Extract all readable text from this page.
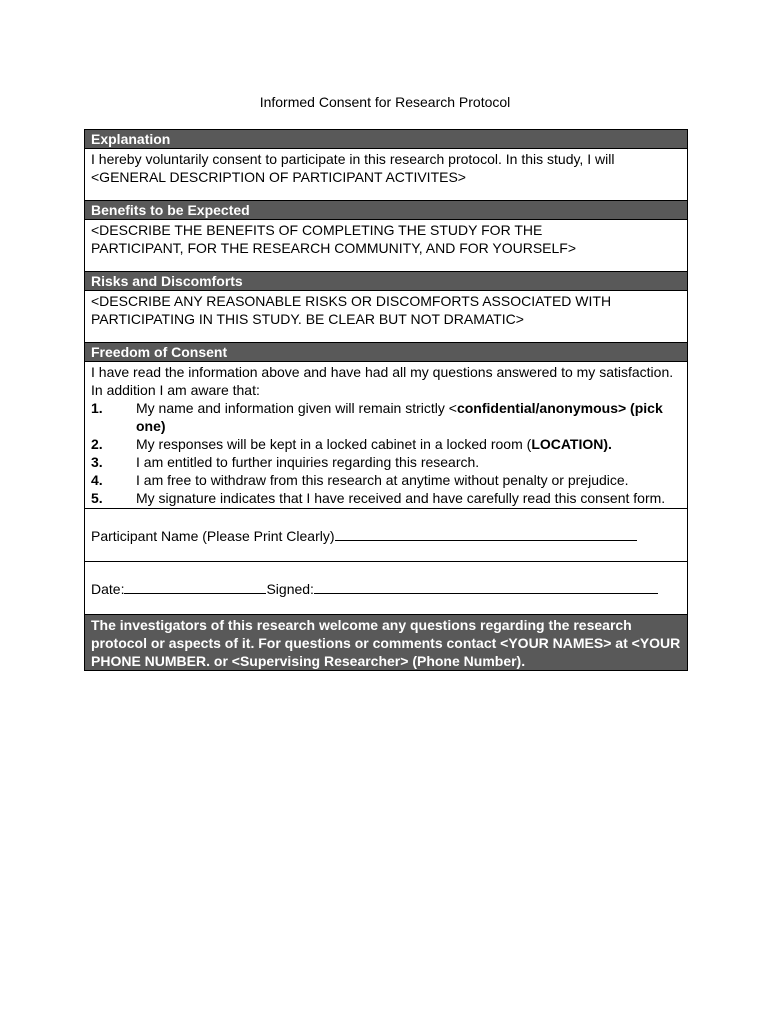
Informed Consent for Research Protocol
Explanation
I hereby voluntarily consent to participate in this research protocol. In this study, I will
<GENERAL DESCRIPTION OF PARTICIPANT ACTIVITES>
Benefits to be Expected
<DESCRIBE THE BENEFITS OF COMPLETING THE STUDY FOR THE
PARTICIPANT, FOR THE RESEARCH COMMUNITY, AND FOR YOURSELF>
Risks and Discomforts
<DESCRIBE ANY REASONABLE RISKS OR DISCOMFORTS ASSOCIATED WITH
PARTICIPATING IN THIS STUDY. BE CLEAR BUT NOT DRAMATIC>
Freedom of Consent
I have read the information above and have had all my questions answered to my satisfaction. In addition I am aware that:
1.	My name and information given will remain strictly <confidential/anonymous> (pick one)
2.	My responses will be kept in a locked cabinet in a locked room (LOCATION).
3.	I am entitled to further inquiries regarding this research.
4.	I am free to withdraw from this research at anytime without penalty or prejudice.
5.	My signature indicates that I have received and have carefully read this consent form.
Participant Name (Please Print Clearly)
Date:	Signed:
The investigators of this research welcome any questions regarding the research protocol or aspects of it. For questions or comments contact <YOUR NAMES> at <YOUR PHONE NUMBER. or <Supervising Researcher> (Phone Number).
